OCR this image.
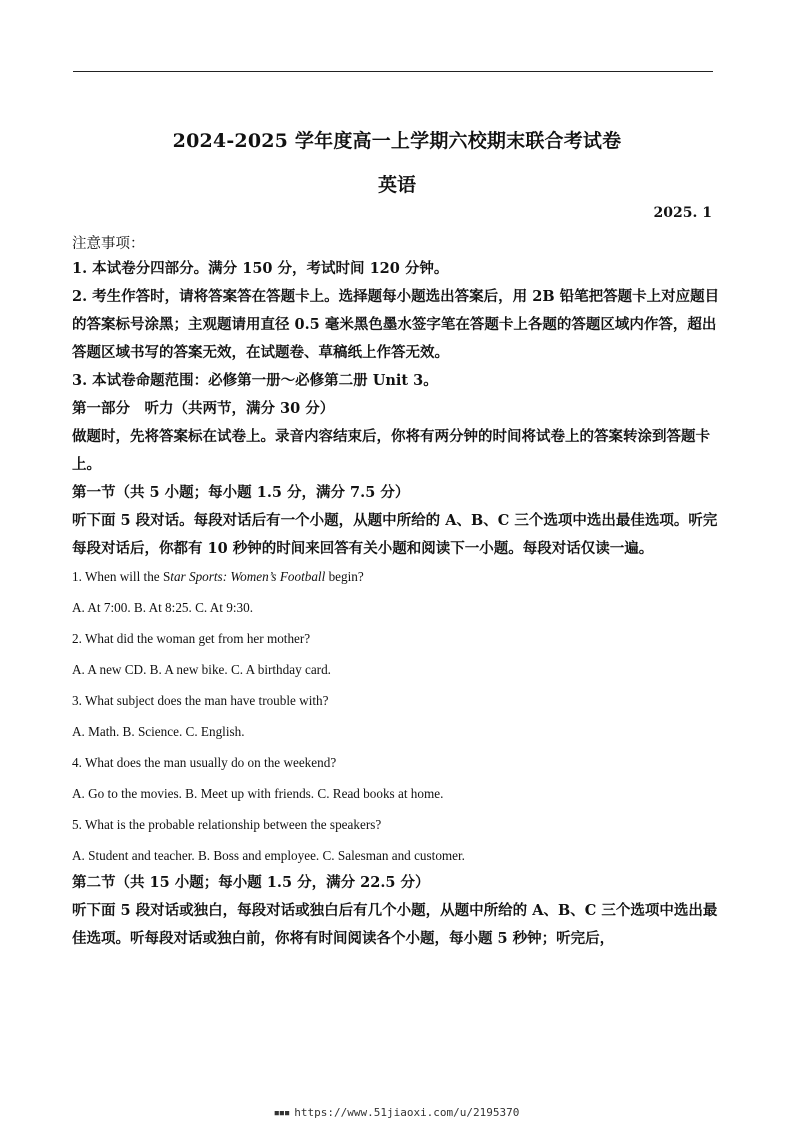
2024-2025 学年度高一上学期六校期末联合考试卷
英语
2025. 1

注意事项：

1. 本试卷分四部分。满分 150 分，考试时间 120 分钟。

2. 考生作答时，请将答案答在答题卡上。选择题每小题选出答案后，用 2B 铅笔把答题卡上对应题目的答案标号涂黑；主观题请用直径 0.5 毫米黑色墨水签字笔在答题卡上各题的答题区域内作答，超出答题区域书写的答案无效，在试题卷、草稿纸上作答无效。

3. 本试卷命题范围：必修第一册～必修第二册 Unit 3。

第一部分　听力（共两节，满分 30 分）

做题时，先将答案标在试卷上。录音内容结束后，你将有两分钟的时间将试卷上的答案转涂到答题卡上。

第一节（共 5 小题；每小题 1.5 分，满分 7.5 分）

听下面 5 段对话。每段对话后有一个小题，从题中所给的 A、B、C 三个选项中选出最佳选项。听完每段对话后，你都有 10 秒钟的时间来回答有关小题和阅读下一小题。每段对话仅读一遍。

1. When will the Star Sports: Women’s Football begin?

A. At 7:00. B. At 8:25. C. At 9:30.

2. What did the woman get from her mother?

A. A new CD. B. A new bike. C. A birthday card.

3. What subject does the man have trouble with?

A. Math. B. Science. C. English.

4. What does the man usually do on the weekend?

A. Go to the movies. B. Meet up with friends. C. Read books at home.

5. What is the probable relationship between the speakers?

A. Student and teacher. B. Boss and employee. C. Salesman and customer.

第二节（共 15 小题；每小题 1.5 分，满分 22.5 分）

听下面 5 段对话或独白，每段对话或独白后有几个小题，从题中所给的 A、B、C 三个选项中选出最佳选项。听每段对话或独白前，你将有时间阅读各个小题，每小题 5 秒钟；听完后，

■■■ https://www.51jiaoxi.com/u/2195370
